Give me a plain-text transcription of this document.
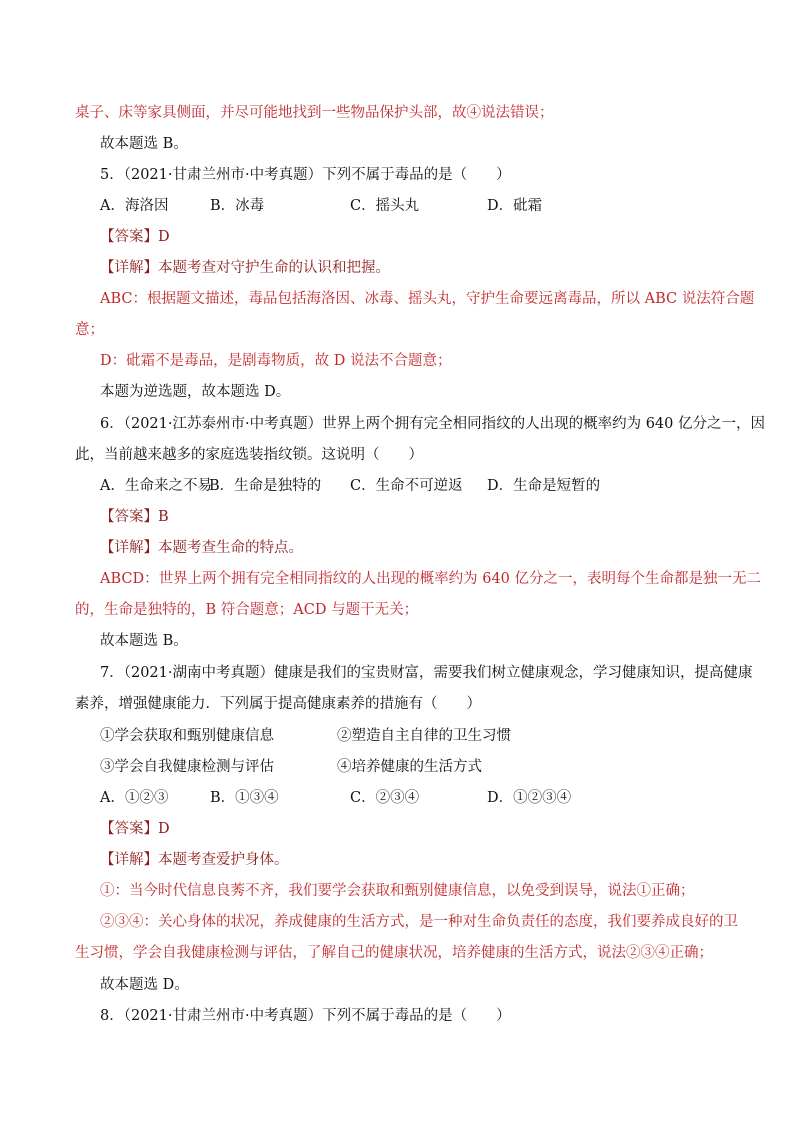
桌子、床等家具侧面，并尽可能地找到一些物品保护头部，故④说法错误；
故本题选 B。
5．（2021·甘肃兰州市·中考真题）下列不属于毒品的是（　　）
A．海洛因	B．冰毒	C．摇头丸	D．砒霜
【答案】D
【详解】本题考查对守护生命的认识和把握。
ABC：根据题文描述，毒品包括海洛因、冰毒、摇头丸，守护生命要远离毒品，所以 ABC 说法符合题
意；
D：砒霜不是毒品，是剧毒物质，故 D 说法不合题意；
本题为逆选题，故本题选 D。
6．（2021·江苏泰州市·中考真题）世界上两个拥有完全相同指纹的人出现的概率约为 640 亿分之一，因
此，当前越来越多的家庭选装指纹锁。这说明（　　）
A．生命来之不易
B．生命是独特的 C．生命不可逆返 D．生命是短暂的
【答案】B
【详解】本题考查生命的特点。
ABCD：世界上两个拥有完全相同指纹的人出现的概率约为 640 亿分之一，表明每个生命都是独一无二
的，生命是独特的，B 符合题意；ACD 与题干无关；
故本题选 B。
7．（2021·湖南中考真题）健康是我们的宝贵财富，需要我们树立健康观念，学习健康知识，提高健康
素养，增强健康能力．下列属于提高健康素养的措施有（　　）
①学会获取和甄别健康信息	②塑造自主自律的卫生习惯
③学会自我健康检测与评估	④培养健康的生活方式
A．①②③	B．①③④	C．②③④	D．①②③④
【答案】D
【详解】本题考查爱护身体。
①：当今时代信息良莠不齐，我们要学会获取和甄别健康信息，以免受到误导，说法①正确；
②③④：关心身体的状况，养成健康的生活方式，是一种对生命负责任的态度，我们要养成良好的卫
生习惯，学会自我健康检测与评估，了解自己的健康状况，培养健康的生活方式，说法②③④正确；
故本题选 D。
8．（2021·甘肃兰州市·中考真题）下列不属于毒品的是（　　）
